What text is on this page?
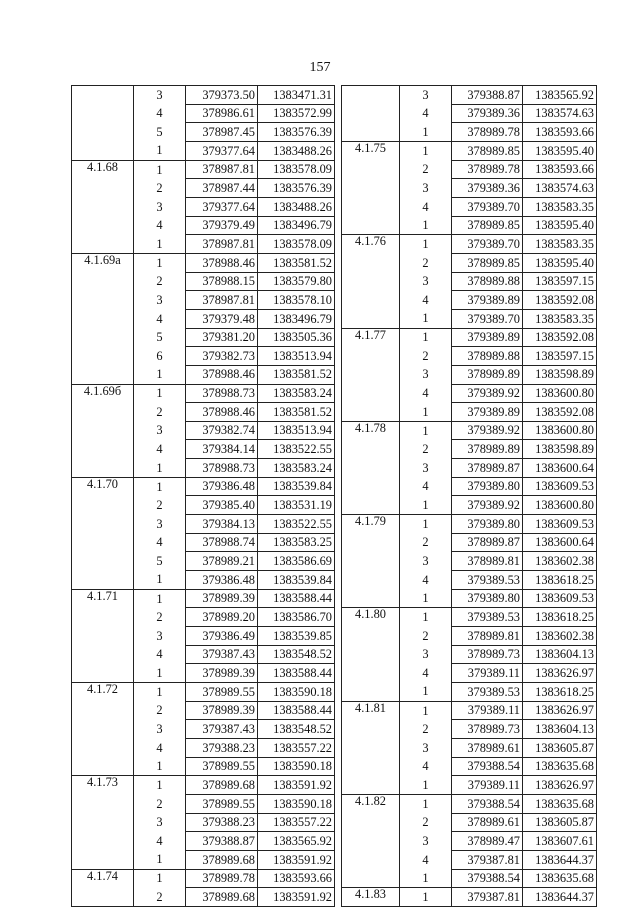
157
	3	379373.50	1383471.31
	4	378986.61	1383572.99
	5	378987.45	1383576.39
	1	379377.64	1383488.26
4.1.68	1	378987.81	1383578.09
	2	378987.44	1383576.39
	3	379377.64	1383488.26
	4	379379.49	1383496.79
	1	378987.81	1383578.09
4.1.69а	1	378988.46	1383581.52
	2	378988.15	1383579.80
	3	378987.81	1383578.10
	4	379379.48	1383496.79
	5	379381.20	1383505.36
	6	379382.73	1383513.94
	1	378988.46	1383581.52
4.1.69б	1	378988.73	1383583.24
	2	378988.46	1383581.52
	3	379382.74	1383513.94
	4	379384.14	1383522.55
	1	378988.73	1383583.24
4.1.70	1	379386.48	1383539.84
	2	379385.40	1383531.19
	3	379384.13	1383522.55
	4	378988.74	1383583.25
	5	378989.21	1383586.69
	1	379386.48	1383539.84
4.1.71	1	378989.39	1383588.44
	2	378989.20	1383586.70
	3	379386.49	1383539.85
	4	379387.43	1383548.52
	1	378989.39	1383588.44
4.1.72	1	378989.55	1383590.18
	2	378989.39	1383588.44
	3	379387.43	1383548.52
	4	379388.23	1383557.22
	1	378989.55	1383590.18
4.1.73	1	378989.68	1383591.92
	2	378989.55	1383590.18
	3	379388.23	1383557.22
	4	379388.87	1383565.92
	1	378989.68	1383591.92
4.1.74	1	378989.78	1383593.66
	2	378989.68	1383591.92
	3	379388.87	1383565.92
	4	379389.36	1383574.63
	1	378989.78	1383593.66
4.1.75	1	378989.85	1383595.40
	2	378989.78	1383593.66
	3	379389.36	1383574.63
	4	379389.70	1383583.35
	1	378989.85	1383595.40
4.1.76	1	379389.70	1383583.35
	2	378989.85	1383595.40
	3	378989.88	1383597.15
	4	379389.89	1383592.08
	1	379389.70	1383583.35
4.1.77	1	379389.89	1383592.08
	2	378989.88	1383597.15
	3	378989.89	1383598.89
	4	379389.92	1383600.80
	1	379389.89	1383592.08
4.1.78	1	379389.92	1383600.80
	2	378989.89	1383598.89
	3	378989.87	1383600.64
	4	379389.80	1383609.53
	1	379389.92	1383600.80
4.1.79	1	379389.80	1383609.53
	2	378989.87	1383600.64
	3	378989.81	1383602.38
	4	379389.53	1383618.25
	1	379389.80	1383609.53
4.1.80	1	379389.53	1383618.25
	2	378989.81	1383602.38
	3	378989.73	1383604.13
	4	379389.11	1383626.97
	1	379389.53	1383618.25
4.1.81	1	379389.11	1383626.97
	2	378989.73	1383604.13
	3	378989.61	1383605.87
	4	379388.54	1383635.68
	1	379389.11	1383626.97
4.1.82	1	379388.54	1383635.68
	2	378989.61	1383605.87
	3	378989.47	1383607.61
	4	379387.81	1383644.37
	1	379388.54	1383635.68
4.1.83	1	379387.81	1383644.37
